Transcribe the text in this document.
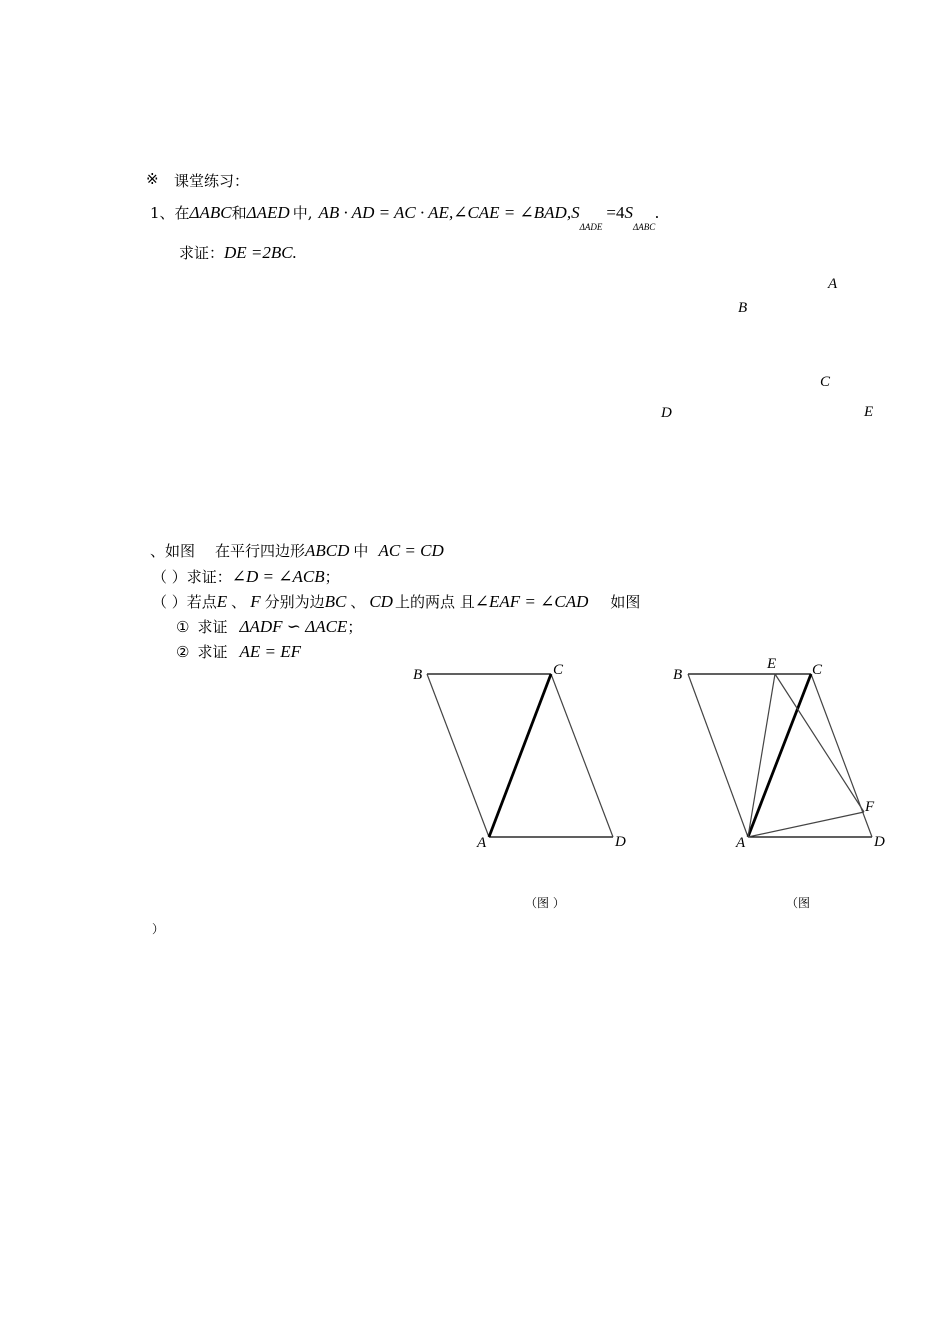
※ 课堂练习：
1、在ΔABC和ΔAED 中, AB · AD = AC · AE,∠CAE = $\angle BAD,S_{\Delta ADE}=4S_{\Delta ABC}$.
求证：DE =2BC.
A
B
C
D	E
、如图 在平行四边形ABCD 中 AC = CD
（ ）求证：∠D = ∠ACB；
（ ）若点E 、 F 分别为边BC 、 CD 上的两点 且∠EAF = ∠CAD 如图
① 求证 ΔADF ∽ ΔACE；
② 求证 AE = EF
B	C
A	D
B
E C
F
A	D
（图 ）	（图
）
